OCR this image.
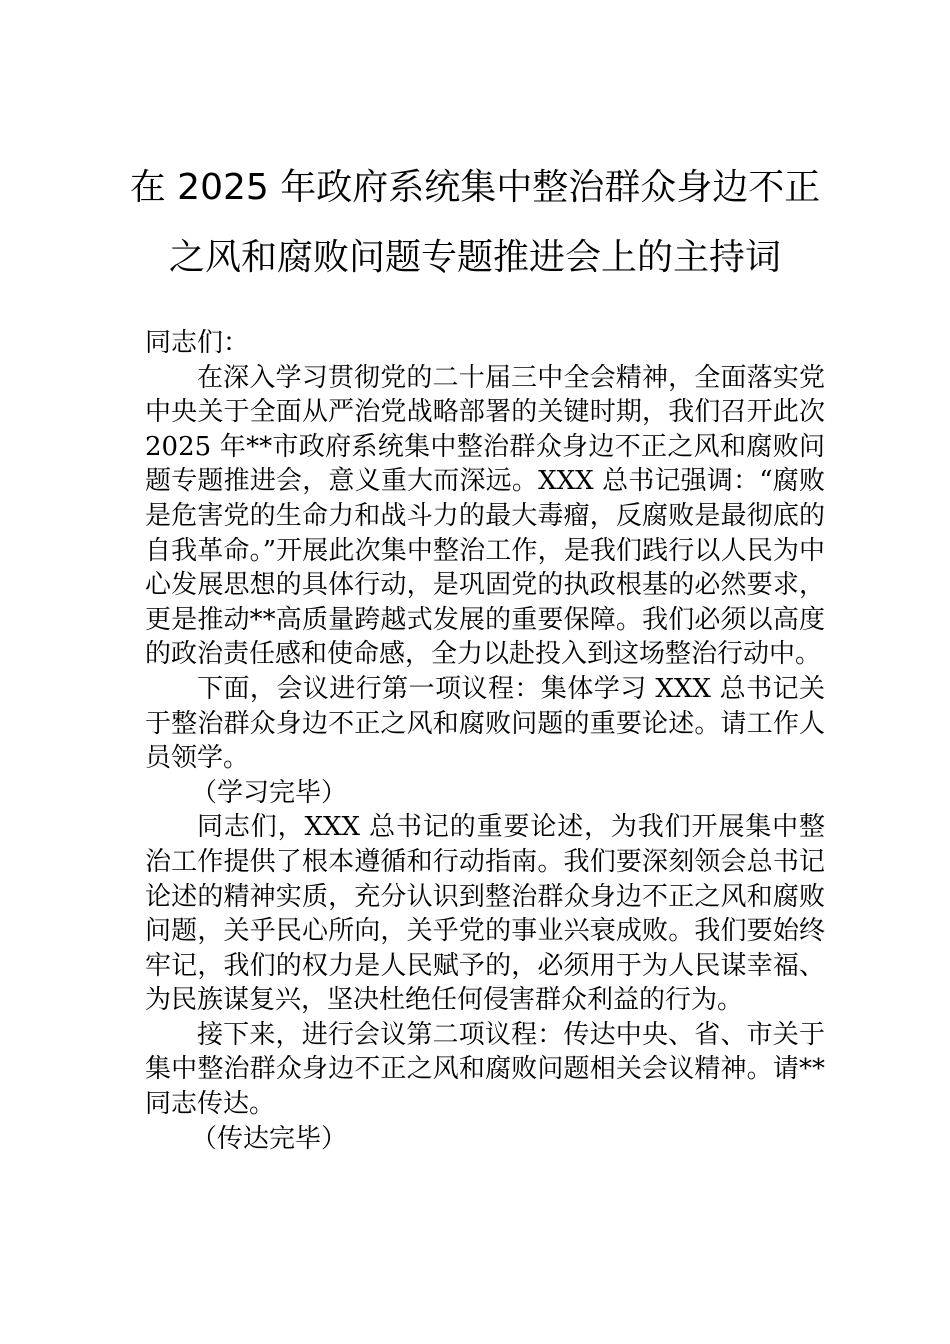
在 2025 年政府系统集中整治群众身边不正
之风和腐败问题专题推进会上的主持词

同志们：

在深入学习贯彻党的二十届三中全会精神，全面落实党中央关于全面从严治党战略部署的关键时期，我们召开此次 2025 年**市政府系统集中整治群众身边不正之风和腐败问题专题推进会，意义重大而深远。XXX 总书记强调：“腐败是危害党的生命力和战斗力的最大毒瘤，反腐败是最彻底的自我革命。”开展此次集中整治工作，是我们践行以人民为中心发展思想的具体行动，是巩固党的执政根基的必然要求，更是推动**高质量跨越式发展的重要保障。我们必须以高度的政治责任感和使命感，全力以赴投入到这场整治行动中。

下面，会议进行第一项议程：集体学习 XXX 总书记关于整治群众身边不正之风和腐败问题的重要论述。请工作人员领学。

（学习完毕）

同志们，XXX 总书记的重要论述，为我们开展集中整治工作提供了根本遵循和行动指南。我们要深刻领会总书记论述的精神实质，充分认识到整治群众身边不正之风和腐败问题，关乎民心所向，关乎党的事业兴衰成败。我们要始终牢记，我们的权力是人民赋予的，必须用于为人民谋幸福、为民族谋复兴，坚决杜绝任何侵害群众利益的行为。

接下来，进行会议第二项议程：传达中央、省、市关于集中整治群众身边不正之风和腐败问题相关会议精神。请**同志传达。

（传达完毕）
